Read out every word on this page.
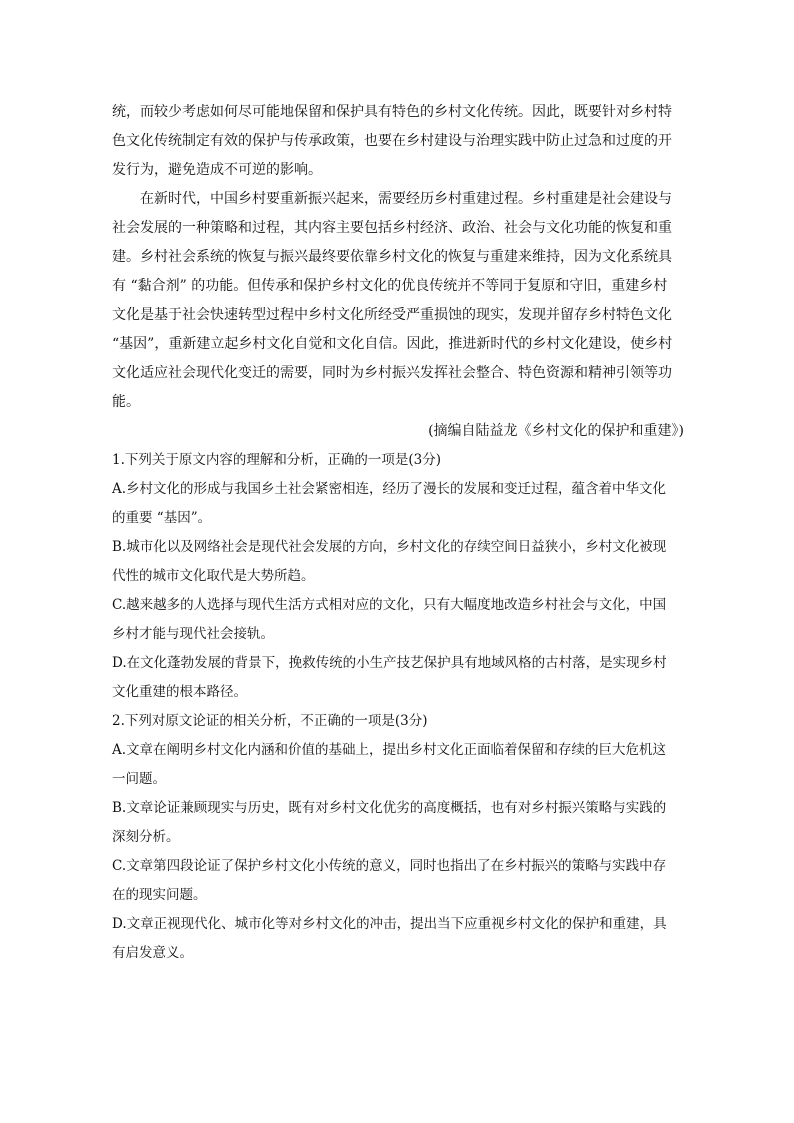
统，而较少考虑如何尽可能地保留和保护具有特色的乡村文化传统。因此，既要针对乡村特
色文化传统制定有效的保护与传承政策，也要在乡村建设与治理实践中防止过急和过度的开
发行为，避免造成不可逆的影响。
在新时代，中国乡村要重新振兴起来，需要经历乡村重建过程。乡村重建是社会建设与
社会发展的一种策略和过程，其内容主要包括乡村经济、政治、社会与文化功能的恢复和重
建。乡村社会系统的恢复与振兴最终要依靠乡村文化的恢复与重建来维持，因为文化系统具
有 “黏合剂” 的功能。但传承和保护乡村文化的优良传统并不等同于复原和守旧，重建乡村
文化是基于社会快速转型过程中乡村文化所经受严重损蚀的现实，发现并留存乡村特色文化
“基因”，重新建立起乡村文化自觉和文化自信。因此，推进新时代的乡村文化建设，使乡村
文化适应社会现代化变迁的需要，同时为乡村振兴发挥社会整合、特色资源和精神引领等功
能。
(摘编自陆益龙《乡村文化的保护和重建》)
1.下列关于原文内容的理解和分析，正确的一项是(3分)
A.乡村文化的形成与我国乡土社会紧密相连，经历了漫长的发展和变迁过程，蕴含着中华文化
的重要 “基因”。
B.城市化以及网络社会是现代社会发展的方向，乡村文化的存续空间日益狭小，乡村文化被现
代性的城市文化取代是大势所趋。
C.越来越多的人选择与现代生活方式相对应的文化，只有大幅度地改造乡村社会与文化，中国
乡村才能与现代社会接轨。
D.在文化蓬勃发展的背景下，挽救传统的小生产技艺保护具有地域风格的古村落，是实现乡村
文化重建的根本路径。
2.下列对原文论证的相关分析，不正确的一项是(3分)
A.文章在阐明乡村文化内涵和价值的基础上，提出乡村文化正面临着保留和存续的巨大危机这
一问题。
B.文章论证兼顾现实与历史，既有对乡村文化优劣的高度概括，也有对乡村振兴策略与实践的
深刻分析。
C.文章第四段论证了保护乡村文化小传统的意义，同时也指出了在乡村振兴的策略与实践中存
在的现实问题。
D.文章正视现代化、城市化等对乡村文化的冲击，提出当下应重视乡村文化的保护和重建，具
有启发意义。
